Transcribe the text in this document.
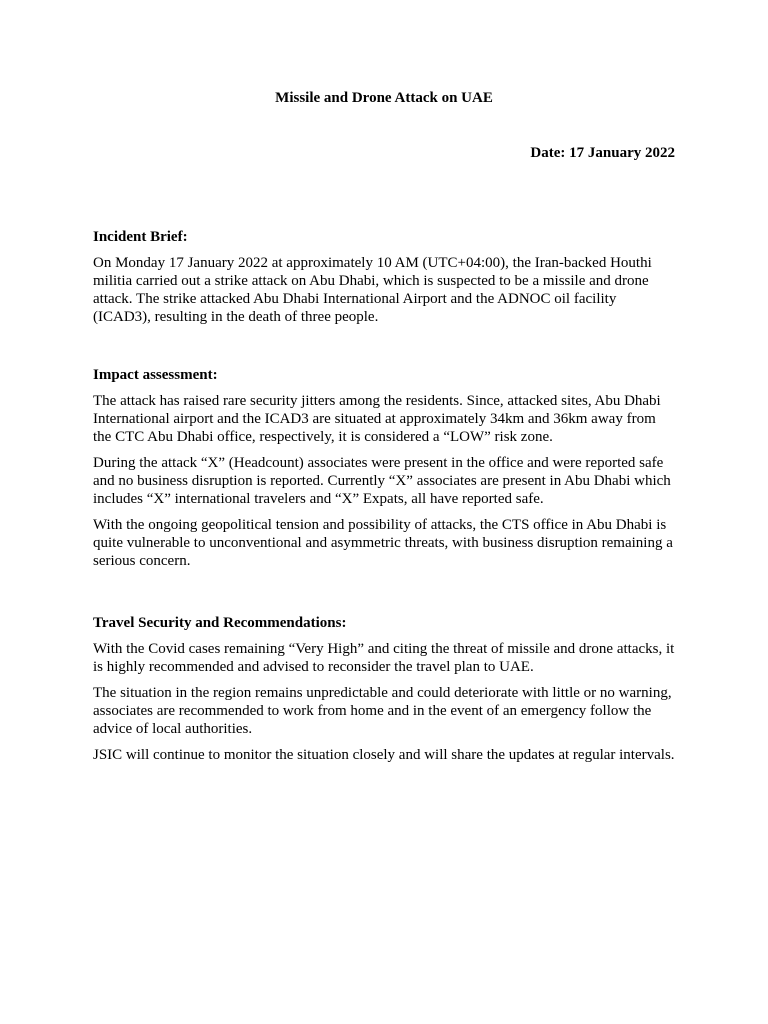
Missile and Drone Attack on UAE

Date: 17 January 2022

Incident Brief:

On Monday 17 January 2022 at approximately 10 AM (UTC+04:00), the Iran-backed Houthi militia carried out a strike attack on Abu Dhabi, which is suspected to be a missile and drone attack. The strike attacked Abu Dhabi International Airport and the ADNOC oil facility (ICAD3), resulting in the death of three people.

Impact assessment:

The attack has raised rare security jitters among the residents. Since, attacked sites, Abu Dhabi International airport and the ICAD3 are situated at approximately 34km and 36km away from the CTC Abu Dhabi office, respectively, it is considered a “LOW” risk zone.

During the attack “X” (Headcount) associates were present in the office and were reported safe and no business disruption is reported. Currently “X” associates are present in Abu Dhabi which includes “X” international travelers and “X” Expats, all have reported safe.

With the ongoing geopolitical tension and possibility of attacks, the CTS office in Abu Dhabi is quite vulnerable to unconventional and asymmetric threats, with business disruption remaining a serious concern.

Travel Security and Recommendations:

With the Covid cases remaining “Very High” and citing the threat of missile and drone attacks, it is highly recommended and advised to reconsider the travel plan to UAE.

The situation in the region remains unpredictable and could deteriorate with little or no warning, associates are recommended to work from home and in the event of an emergency follow the advice of local authorities.

JSIC will continue to monitor the situation closely and will share the updates at regular intervals.
